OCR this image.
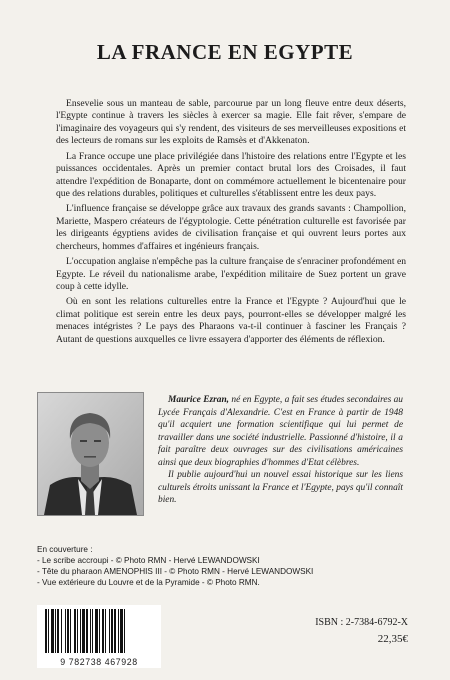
LA FRANCE EN EGYPTE

Ensevelie sous un manteau de sable, parcourue par un long fleuve entre deux déserts, l'Egypte continue à travers les siècles à exercer sa magie. Elle fait rêver, s'empare de l'imaginaire des voyageurs qui s'y rendent, des visiteurs de ses merveilleuses expositions et des lecteurs de romans sur les exploits de Ramsès et d'Akkenaton.

La France occupe une place privilégiée dans l'histoire des relations entre l'Egypte et les puissances occidentales. Après un premier contact brutal lors des Croisades, il faut attendre l'expédition de Bonaparte, dont on commémore actuellement le bicentenaire pour que des relations durables, politiques et culturelles s'établissent entre les deux pays.

L'influence française se développe grâce aux travaux des grands savants : Champollion, Mariette, Maspero créateurs de l'égyptologie. Cette pénétration culturelle est favorisée par les dirigeants égyptiens avides de civilisation française et qui ouvrent leurs portes aux chercheurs, hommes d'affaires et ingénieurs français.

L'occupation anglaise n'empêche pas la culture française de s'enraciner profondément en Egypte. Le réveil du nationalisme arabe, l'expédition militaire de Suez portent un grave coup à cette idylle.

Où en sont les relations culturelles entre la France et l'Egypte ? Aujourd'hui que le climat politique est serein entre les deux pays, pourront-elles se développer malgré les menaces intégristes ? Le pays des Pharaons va-t-il continuer à fasciner les Français ? Autant de questions auxquelles ce livre essayera d'apporter des éléments de réflexion.

Maurice Ezran, né en Egypte, a fait ses études secondaires au Lycée Français d'Alexandrie. C'est en France à partir de 1948 qu'il acquiert une formation scientifique qui lui permet de travailler dans une société industrielle. Passionné d'histoire, il a fait paraître deux ouvrages sur des civilisations américaines ainsi que deux biographies d'hommes d'Etat célèbres.

Il publie aujourd'hui un nouvel essai historique sur les liens culturels étroits unissant la France et l'Egypte, pays qu'il connaît bien.

En couverture :
- Le scribe accroupi - © Photo RMN - Hervé LEWANDOWSKI
- Tête du pharaon AMENOPHIS III - © Photo RMN - Hervé LEWANDOWSKI
- Vue extérieure du Louvre et de la Pyramide - © Photo RMN.
9 782738 467928
ISBN : 2-7384-6792-X
22,35€
